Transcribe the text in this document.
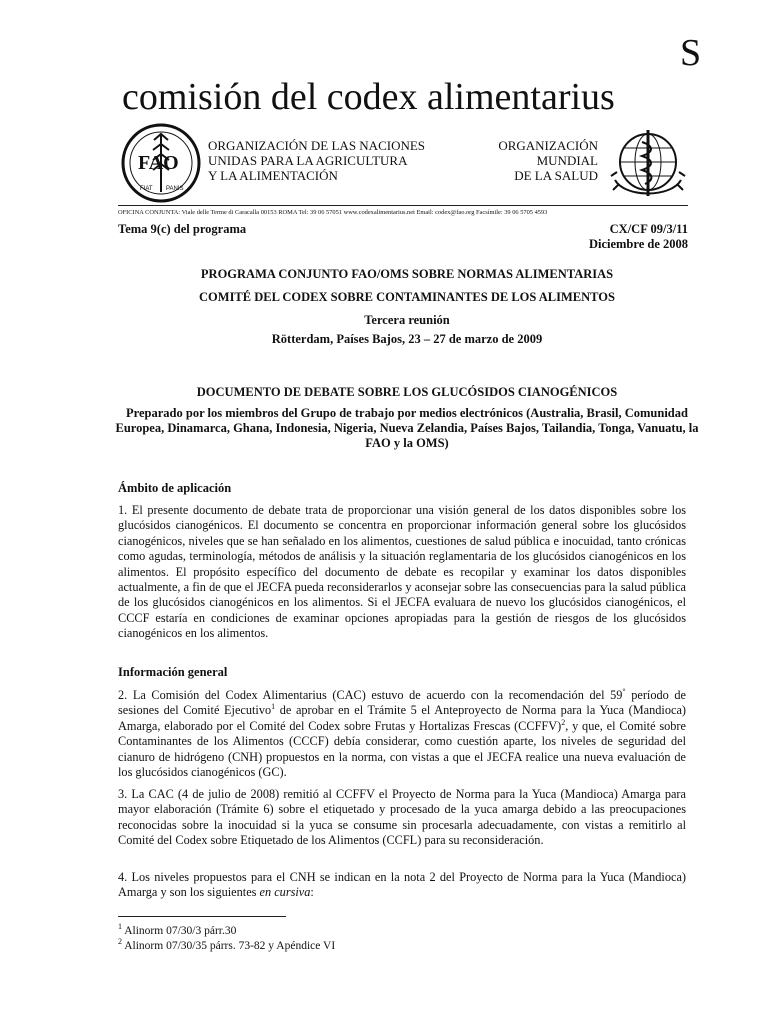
S
comisión del codex alimentarius
FAO
FIAT PANIS
ORGANIZACIÓN DE LAS NACIONES
UNIDAS PARA LA AGRICULTURA
Y LA ALIMENTACIÓN
ORGANIZACIÓN
MUNDIAL
DE LA SALUD
OFICINA CONJUNTA: Viale delle Terme di Caracalla 00153 ROMA Tel: 39 06 57051 www.codexalimentarius.net Email: codex@fao.org Facsímile: 39 06 5705 4593
Tema 9(c) del programa	CX/CF 09/3/11
Diciembre de 2008
PROGRAMA CONJUNTO FAO/OMS SOBRE NORMAS ALIMENTARIAS
COMITÉ DEL CODEX SOBRE CONTAMINANTES DE LOS ALIMENTOS
Tercera reunión
Rötterdam, Países Bajos, 23 – 27 de marzo de 2009
DOCUMENTO DE DEBATE SOBRE LOS GLUCÓSIDOS CIANOGÉNICOS
Preparado por los miembros del Grupo de trabajo por medios electrónicos (Australia, Brasil, Comunidad Europea, Dinamarca, Ghana, Indonesia, Nigeria, Nueva Zelandia, Países Bajos, Tailandia, Tonga, Vanuatu, la FAO y la OMS)
Ámbito de aplicación
1. El presente documento de debate trata de proporcionar una visión general de los datos disponibles sobre los glucósidos cianogénicos. El documento se concentra en proporcionar información general sobre los glucósidos cianogénicos, niveles que se han señalado en los alimentos, cuestiones de salud pública e inocuidad, tanto crónicas como agudas, terminología, métodos de análisis y la situación reglamentaria de los glucósidos cianogénicos en los alimentos. El propósito específico del documento de debate es recopilar y examinar los datos disponibles actualmente, a fin de que el JECFA pueda reconsiderarlos y aconsejar sobre las consecuencias para la salud pública de los glucósidos cianogénicos en los alimentos. Si el JECFA evaluara de nuevo los glucósidos cianogénicos, el CCCF estaría en condiciones de examinar opciones apropiadas para la gestión de riesgos de los glucósidos cianogénicos en los alimentos.
Información general
2. La Comisión del Codex Alimentarius (CAC) estuvo de acuerdo con la recomendación del 59° período de sesiones del Comité Ejecutivo$^1$ de aprobar en el Trámite 5 el Anteproyecto de Norma para la Yuca (Mandioca) Amarga, elaborado por el Comité del Codex sobre Frutas y Hortalizas Frescas (CCFFV)$^2$, y que, el Comité sobre Contaminantes de los Alimentos (CCCF) debía considerar, como cuestión aparte, los niveles de seguridad del cianuro de hidrógeno (CNH) propuestos en la norma, con vistas a que el JECFA realice una nueva evaluación de los glucósidos cianogénicos (GC).
3. La CAC (4 de julio de 2008) remitió al CCFFV el Proyecto de Norma para la Yuca (Mandioca) Amarga para mayor elaboración (Trámite 6) sobre el etiquetado y procesado de la yuca amarga debido a las preocupaciones reconocidas sobre la inocuidad si la yuca se consume sin procesarla adecuadamente, con vistas a remitirlo al Comité del Codex sobre Etiquetado de los Alimentos (CCFL) para su reconsideración.
4. Los niveles propuestos para el CNH se indican en la nota 2 del Proyecto de Norma para la Yuca (Mandioca) Amarga y son los siguientes en cursiva:
$^1$ Alinorm 07/30/3 párr.30
$^2$ Alinorm 07/30/35 párrs. 73-82 y Apéndice VI
